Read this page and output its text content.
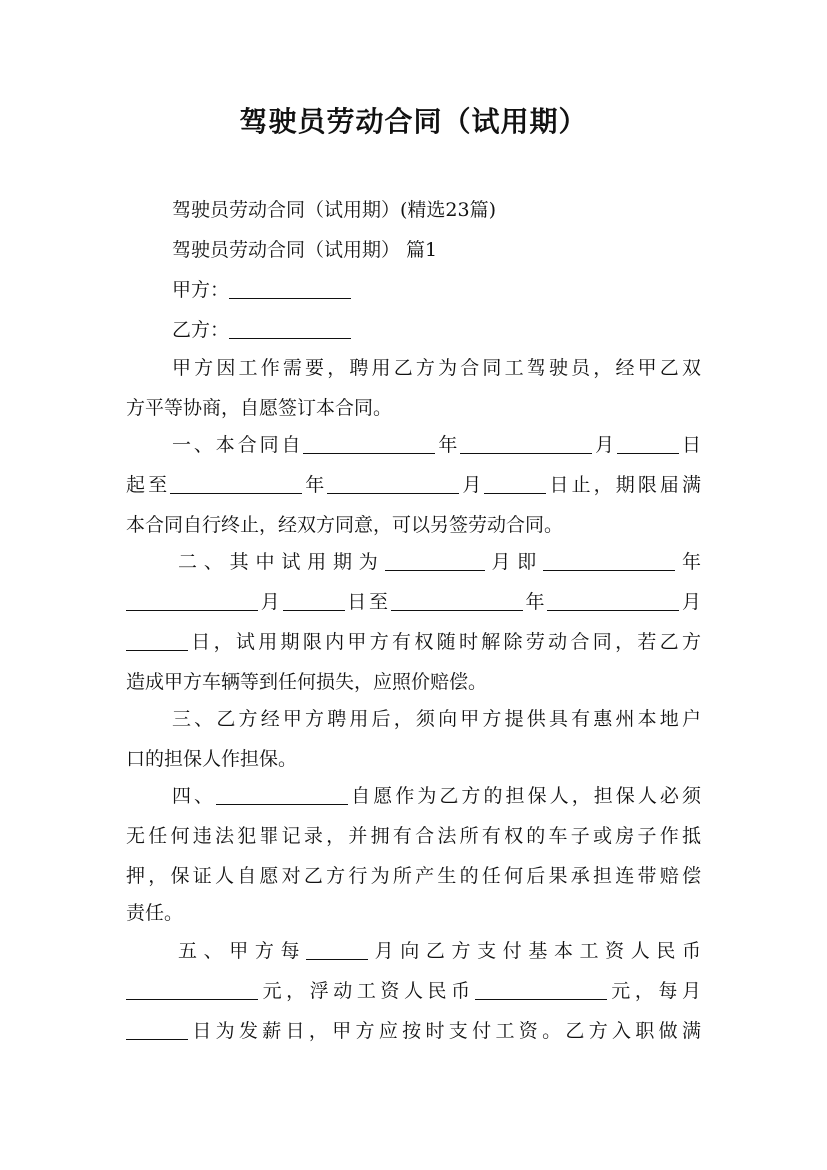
驾驶员劳动合同（试用期）
驾驶员劳动合同（试用期）(精选23篇)
驾驶员劳动合同（试用期） 篇1
甲方：
乙方：
甲方因工作需要，聘用乙方为合同工驾驶员，经甲乙双
方平等协商，自愿签订本合同。
一、本合同自	年	月	日
起至	年	月	日止，期限届满
本合同自行终止，经双方同意，可以另签劳动合同。
二、其中试用期为	月即	年
月	日至	年	月
日，试用期限内甲方有权随时解除劳动合同，若乙方
造成甲方车辆等到任何损失，应照价赔偿。
三、乙方经甲方聘用后，须向甲方提供具有惠州本地户
口的担保人作担保。
四、	自愿作为乙方的担保人，担保人必须
无任何违法犯罪记录，并拥有合法所有权的车子或房子作抵
押，保证人自愿对乙方行为所产生的任何后果承担连带赔偿
责任。
五、甲方每	月向乙方支付基本工资人民币
元，浮动工资人民币	元，每月
日为发薪日，甲方应按时支付工资。乙方入职做满
